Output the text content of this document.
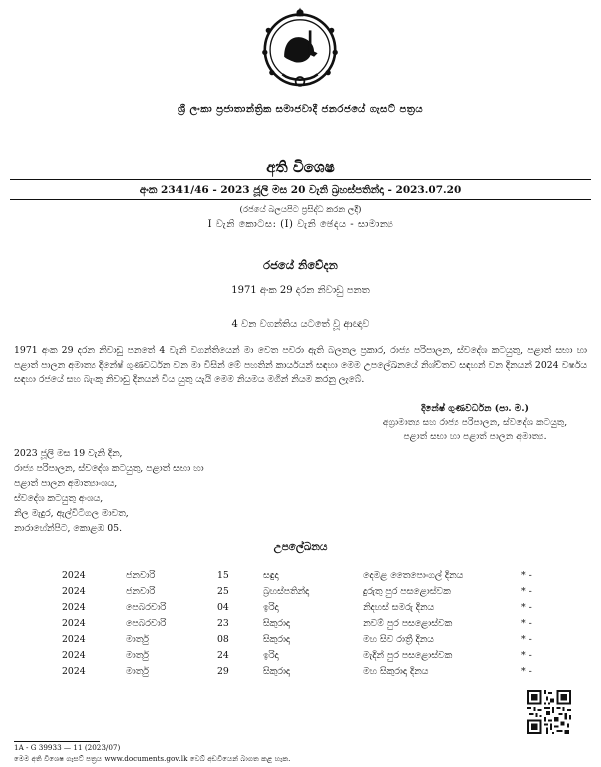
ශ්‍රී ලංකා ප්‍රජාතාන්ත්‍රික සමාජවාදී ජනරජයේ ගැසට් පත්‍රය
අති විශෙෂ
අංක 2341/46 - 2023 ජූලි මස 20 වැනි බ්‍රහස්පතින්දා - 2023.07.20
(රජයේ බලයපිට ප්‍රසිද්ධ කරන ලදී)
I වැනි කොටස: (I) වැනි ඡෙදය - සාමාන්‍ය
රජයේ නිවේදන
1971 අංක 29 දරන නිවාඩු පනත
4 වන වගන්තිය යටතේ වූ ආඥාව
1971 අංක 29 දරන නිවාඩු පනතේ 4 වැනි වගන්තියෙන් මා වෙත පවරා ඇති බලතල ප්‍රකාර, රාජ්‍ය පරිපාලන, ස්වදේශ කටයුතු, පළාත් සභා හා පළාත් පාලන අමාත්‍ය දිනේෂ් ගුණවර්ධන වන මා විසින් මේ පහතින් කාර්යයන් සඳහා මෙම උපලේඛනයේ නිශ්චිතව සඳහන් වන දිනයන් 2024 වර්ෂය සඳහා රජයේ සහ බැංකු නිවාඩු දිනයන් විය යුතු යැයි මෙම නියමය මගින් නියම කරනු ලැබේ.
දිනේෂ් ගුණවර්ධන (පා. ම.)
අග්‍රාමාත්‍ය සහ රාජ්‍ය පරිපාලන, ස්වදේශ කටයුතු,
පළාත් සභා හා පළාත් පාලන අමාත්‍ය.
2023 ජූලි මස 19 වැනි දින,
රාජ්‍ය පරිපාලන, ස්වදේශ කටයුතු, පළාත් සභා හා
පළාත් පාලන අමාත්‍යාංශය,
ස්වදේශ කටයුතු අංශය,
නිල මැදුර, ඇල්විටිගල මාවත,
නාරාහේන්පිට, කොළඹ 05.
උපලේඛනය
2024	ජනවාරි	15	සඳුදා	දෙමළ තෛපොංගල් දිනය	* -
2024	ජනවාරි	25	බ්‍රහස්පතින්දා	දුරුතු පුර පසළොස්වක	* -
2024	පෙබරවාරි	04	ඉරිදා	නිදහස් සමරු දිනය	* -
2024	පෙබරවාරි	23	සිකුරාදා	නවම් පුර පසළොස්වක	* -
2024	මාර්තු	08	සිකුරාදා	මහ සිව රාත්‍රී දිනය	* -
2024	මාර්තු	24	ඉරිදා	මැදින් පුර පසළොස්වක	* -
2024	මාර්තු	29	සිකුරාදා	මහ සිකුරාදා දිනය	* -
1A - G 39933 — 11 (2023/07)
මෙම අති විශෙෂ ගැසට් පත්‍රය www.documents.gov.lk වෙබ් අඩවියෙන් බාගත කළ හැක.
